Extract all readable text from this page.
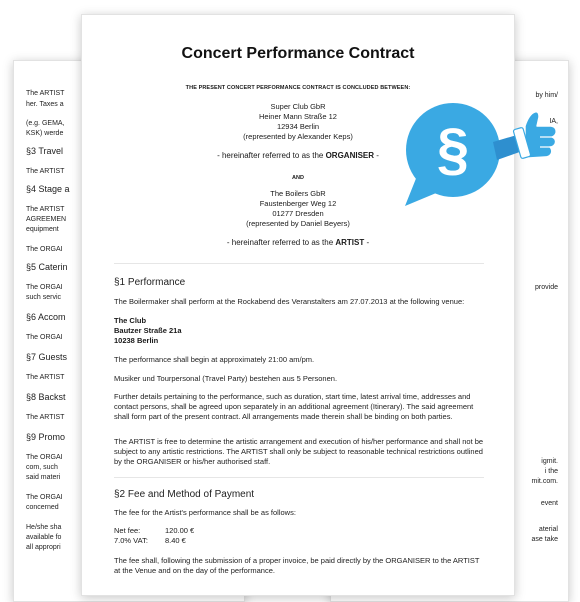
The ARTIST
her. Taxes a
(e.g. GEMA,
KSK) werde
§3 Travel
The ARTIST
§4 Stage a
The ARTIST
AGREEMEN
equipment
The ORGAI
§5 Caterin
The ORGAI
such servic
§6 Accom
The ORGAI
§7 Guests
The ARTIST
§8 Backst
The ARTIST
§9 Promo
The ORGAI
com, such
said materi
The ORGAI
concerned
He/she sha
available fo
all appropri
by him/
IA,
provide
igmit.
i the
mit.com.
event
aterial
ase take
Concert Performance Contract
THE PRESENT CONCERT PERFORMANCE CONTRACT IS CONCLUDED BETWEEN:
Super Club GbR
Heiner Mann Straße 12
12934 Berlin
(represented by Alexander Keps)
- hereinafter referred to as the ORGANISER -
AND
The Boilers GbR
Faustenberger Weg 12
01277 Dresden
(represented by Daniel Beyers)
- hereinafter referred to as the ARTIST -
§1 Performance
The Boilermaker shall perform at the Rockabend des Veranstalters am 27.07.2013 at the following venue:
The Club
Bautzer Straße 21a
10238 Berlin
The performance shall begin at approximately 21:00 am/pm.
Musiker und Tourpersonal (Travel Party) bestehen aus 5 Personen.
Further details pertaining to the performance, such as duration, start time, latest arrival time, addresses and contact persons, shall be agreed upon separately in an additional agreement (Itinerary). The said agreement shall form part of the present contract. All arrangements made therein shall be binding on both parties.
The ARTIST is free to determine the artistic arrangement and execution of his/her performance and shall not be subject to any artistic restrictions. The ARTIST shall only be subject to reasonable technical restrictions outlined by the ORGANISER or his/her authorised staff.
§2 Fee and Method of Payment
The fee for the Artist's performance shall be as follows:
Net fee:	120.00 €
7.0% VAT: 8.40 €
The fee shall, following the submission of a proper invoice, be paid directly by the ORGANISER to the ARTIST at the Venue and on the day of the performance.
§
